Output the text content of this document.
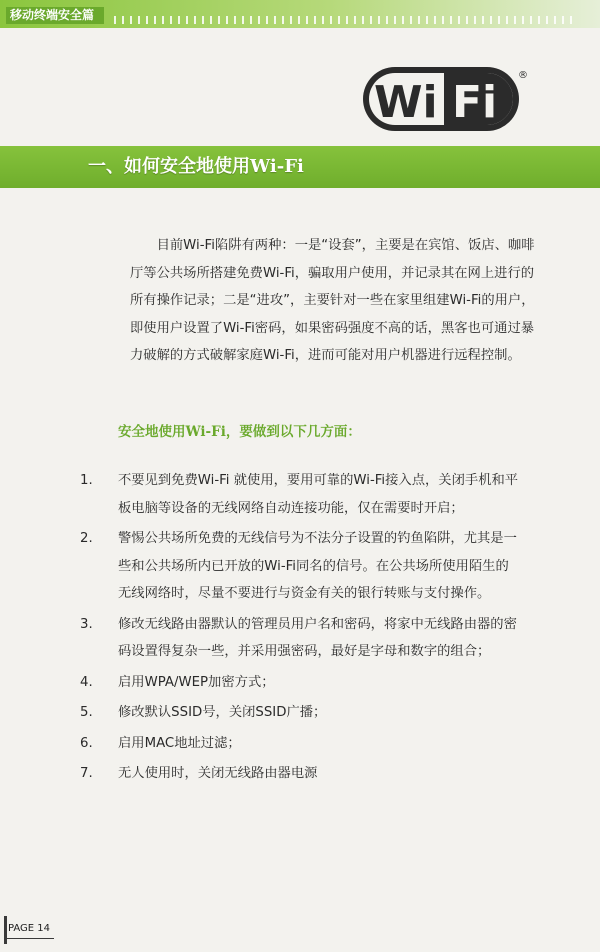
移动终端安全篇
Wi Fi
®
一、如何安全地使用Wi-Fi

目前Wi-Fi陷阱有两种：一是“设套”，主要是在宾馆、饭店、咖啡厅等公共场所搭建免费Wi-Fi，骗取用户使用，并记录其在网上进行的所有操作记录；二是“进攻”，主要针对一些在家里组建Wi-Fi的用户，即使用户设置了Wi-Fi密码，如果密码强度不高的话，黑客也可通过暴力破解的方式破解家庭Wi-Fi，进而可能对用户机器进行远程控制。

安全地使用Wi-Fi，要做到以下几方面：
1.	不要见到免费Wi-Fi 就使用，要用可靠的Wi-Fi接入点，关闭手机和平板电脑等设备的无线网络自动连接功能，仅在需要时开启；
2.	警惕公共场所免费的无线信号为不法分子设置的钓鱼陷阱，尤其是一些和公共场所内已开放的Wi-Fi同名的信号。在公共场所使用陌生的无线网络时，尽量不要进行与资金有关的银行转账与支付操作。
3.	修改无线路由器默认的管理员用户名和密码，将家中无线路由器的密码设置得复杂一些，并采用强密码，最好是字母和数字的组合；
4.	启用WPA/WEP加密方式；
5.	修改默认SSID号，关闭SSID广播；
6.	启用MAC地址过滤；
7.	无人使用时，关闭无线路由器电源
PAGE 14
